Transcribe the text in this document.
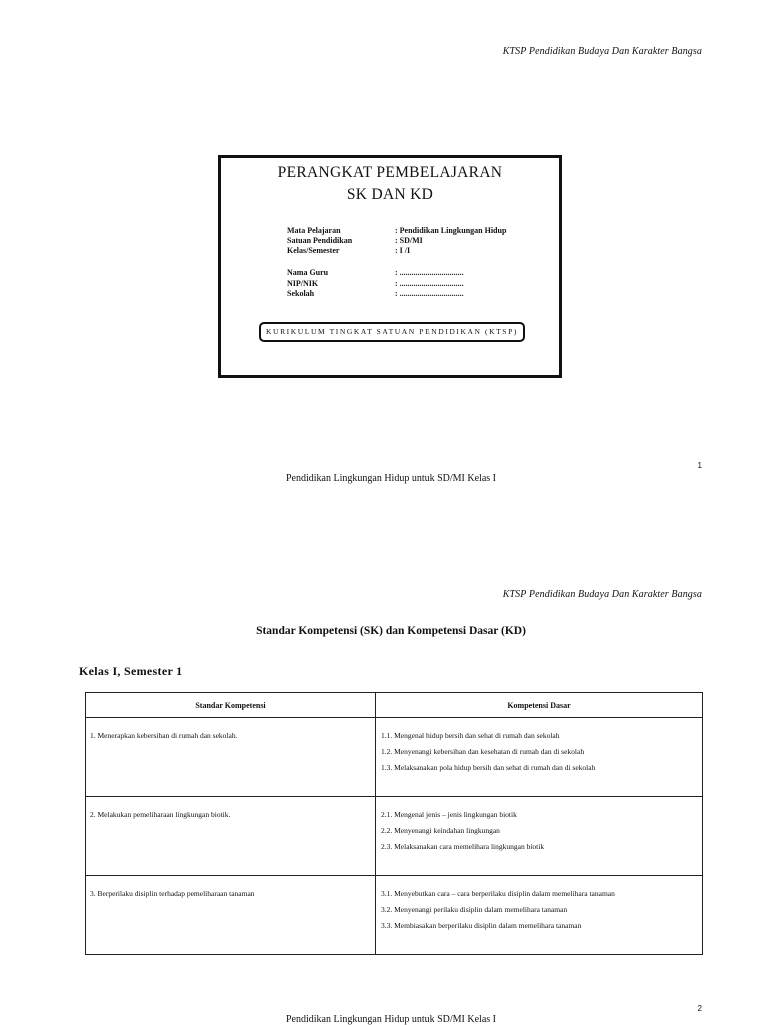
KTSP Pendidikan Budaya Dan Karakter Bangsa
PERANGKAT PEMBELAJARAN
SK DAN KD
Mata Pelajaran	: Pendidikan Lingkungan Hidup
Satuan Pendidikan	: SD/MI
Kelas/Semester	: I /I
Nama Guru	: ................................
NIP/NIK	: ................................
Sekolah	: ................................
KURIKULUM TINGKAT SATUAN PENDIDIKAN (KTSP)
1
Pendidikan Lingkungan Hidup untuk SD/MI Kelas I
KTSP Pendidikan Budaya Dan Karakter Bangsa
Standar Kompetensi (SK) dan Kompetensi Dasar (KD)
Kelas I, Semester 1
Standar Kompetensi	Kompetensi Dasar

1. Menerapkan kebersihan di rumah dan sekolah.	1.1. Mengenal hidup bersih dan sehat di rumah dan sekolah
1.2. Menyenangi kebersihan dan kesehatan di rumah dan di sekolah
1.3. Melaksanakan pola hidup bersih dan sehat di rumah dan di sekolah

2. Melakukan pemeliharaan lingkungan biotik.	2.1. Mengenal jenis – jenis lingkungan biotik
2.2. Menyenangi keindahan lingkungan
2.3. Melaksanakan cara memelihara lingkungan biotik

3. Berperilaku disiplin terhadap pemeliharaan tanaman	3.1. Menyebutkan cara – cara berperilaku disiplin dalam memelihara tanaman
3.2. Menyenangi perilaku disiplin dalam memelihara tanaman
3.3. Membiasakan berperilaku disiplin dalam memelihara tanaman
2
Pendidikan Lingkungan Hidup untuk SD/MI Kelas I
